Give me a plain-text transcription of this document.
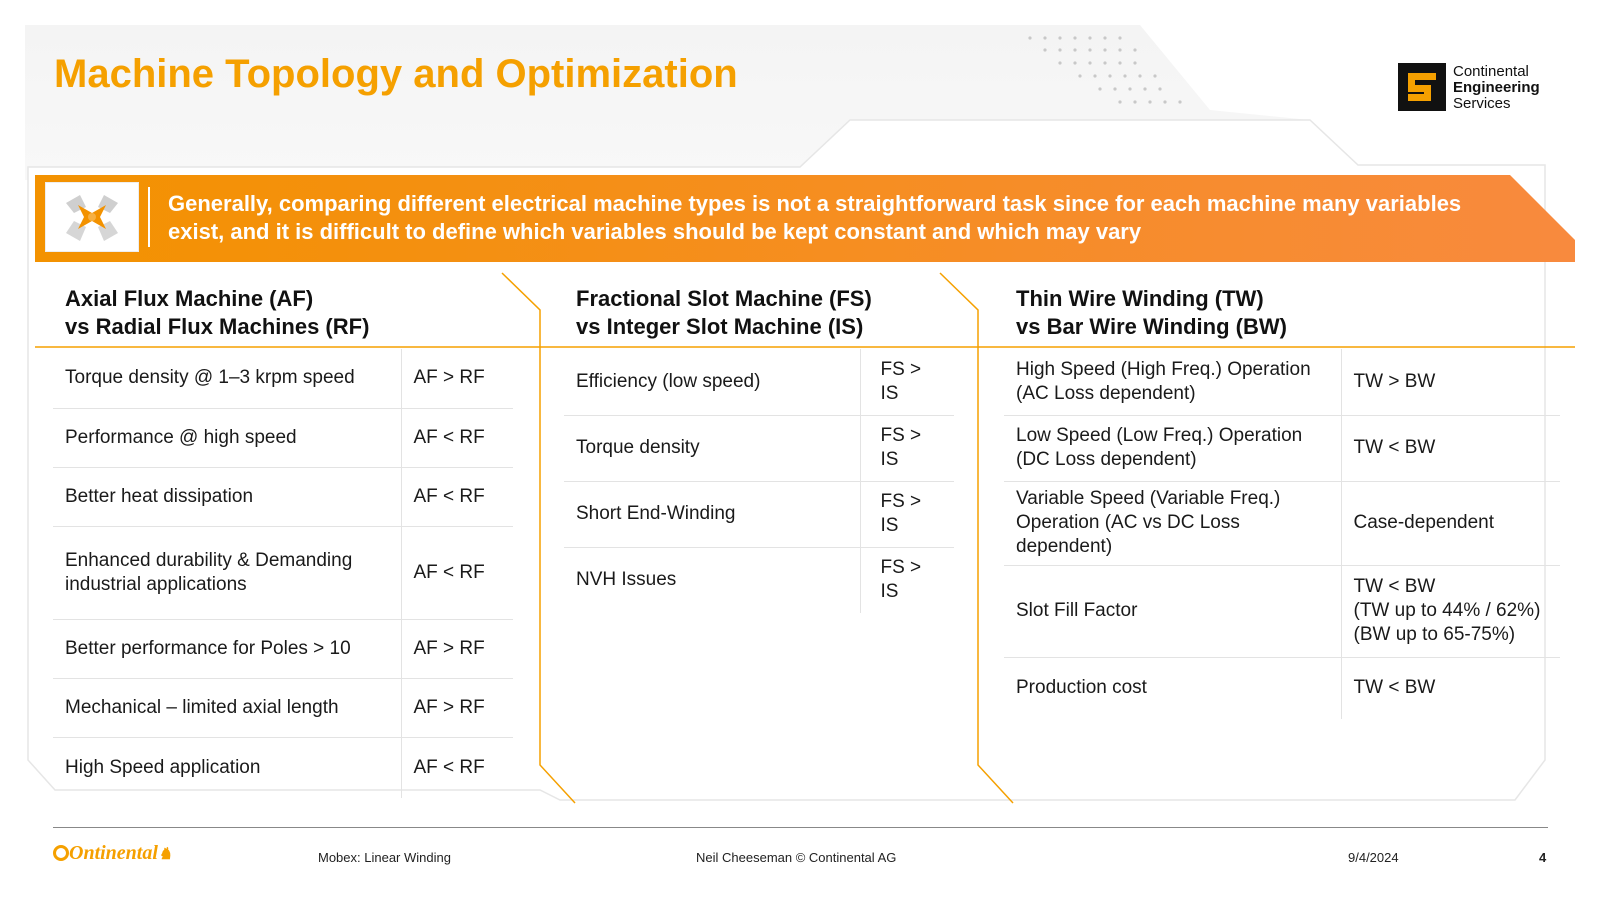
Machine Topology and Optimization	Continental
Engineering
Services
Generally, comparing different electrical machine types is not a straightforward task since for each machine many variables exist, and it is difficult to define which variables should be kept constant and which may vary
Axial Flux Machine (AF)
vs Radial Flux Machines (RF)
Torque density @ 1–3 krpm speed	AF > RF
Performance @ high speed	AF < RF
Better heat dissipation	AF < RF
Enhanced durability & Demanding industrial applications	AF < RF
Better performance for Poles > 10	AF > RF
Mechanical – limited axial length	AF > RF
High Speed application	AF < RF
Fractional Slot Machine (FS)
vs Integer Slot Machine (IS)
Efficiency (low speed)	FS > IS
Torque density	FS > IS
Short End-Winding	FS > IS
NVH Issues	FS > IS
Thin Wire Winding (TW)
vs Bar Wire Winding (BW)
High Speed (High Freq.) Operation (AC Loss dependent)	TW > BW
Low Speed (Low Freq.) Operation (DC Loss dependent)	TW < BW
Variable Speed (Variable Freq.) Operation (AC vs DC Loss dependent)	Case-dependent
Slot Fill Factor	TW < BW
(TW up to 44% / 62%)
(BW up to 65-75%)
Production cost	TW < BW
Ontinental♞	Mobex: Linear Winding	Neil Cheeseman © Continental AG	9/4/2024	4
